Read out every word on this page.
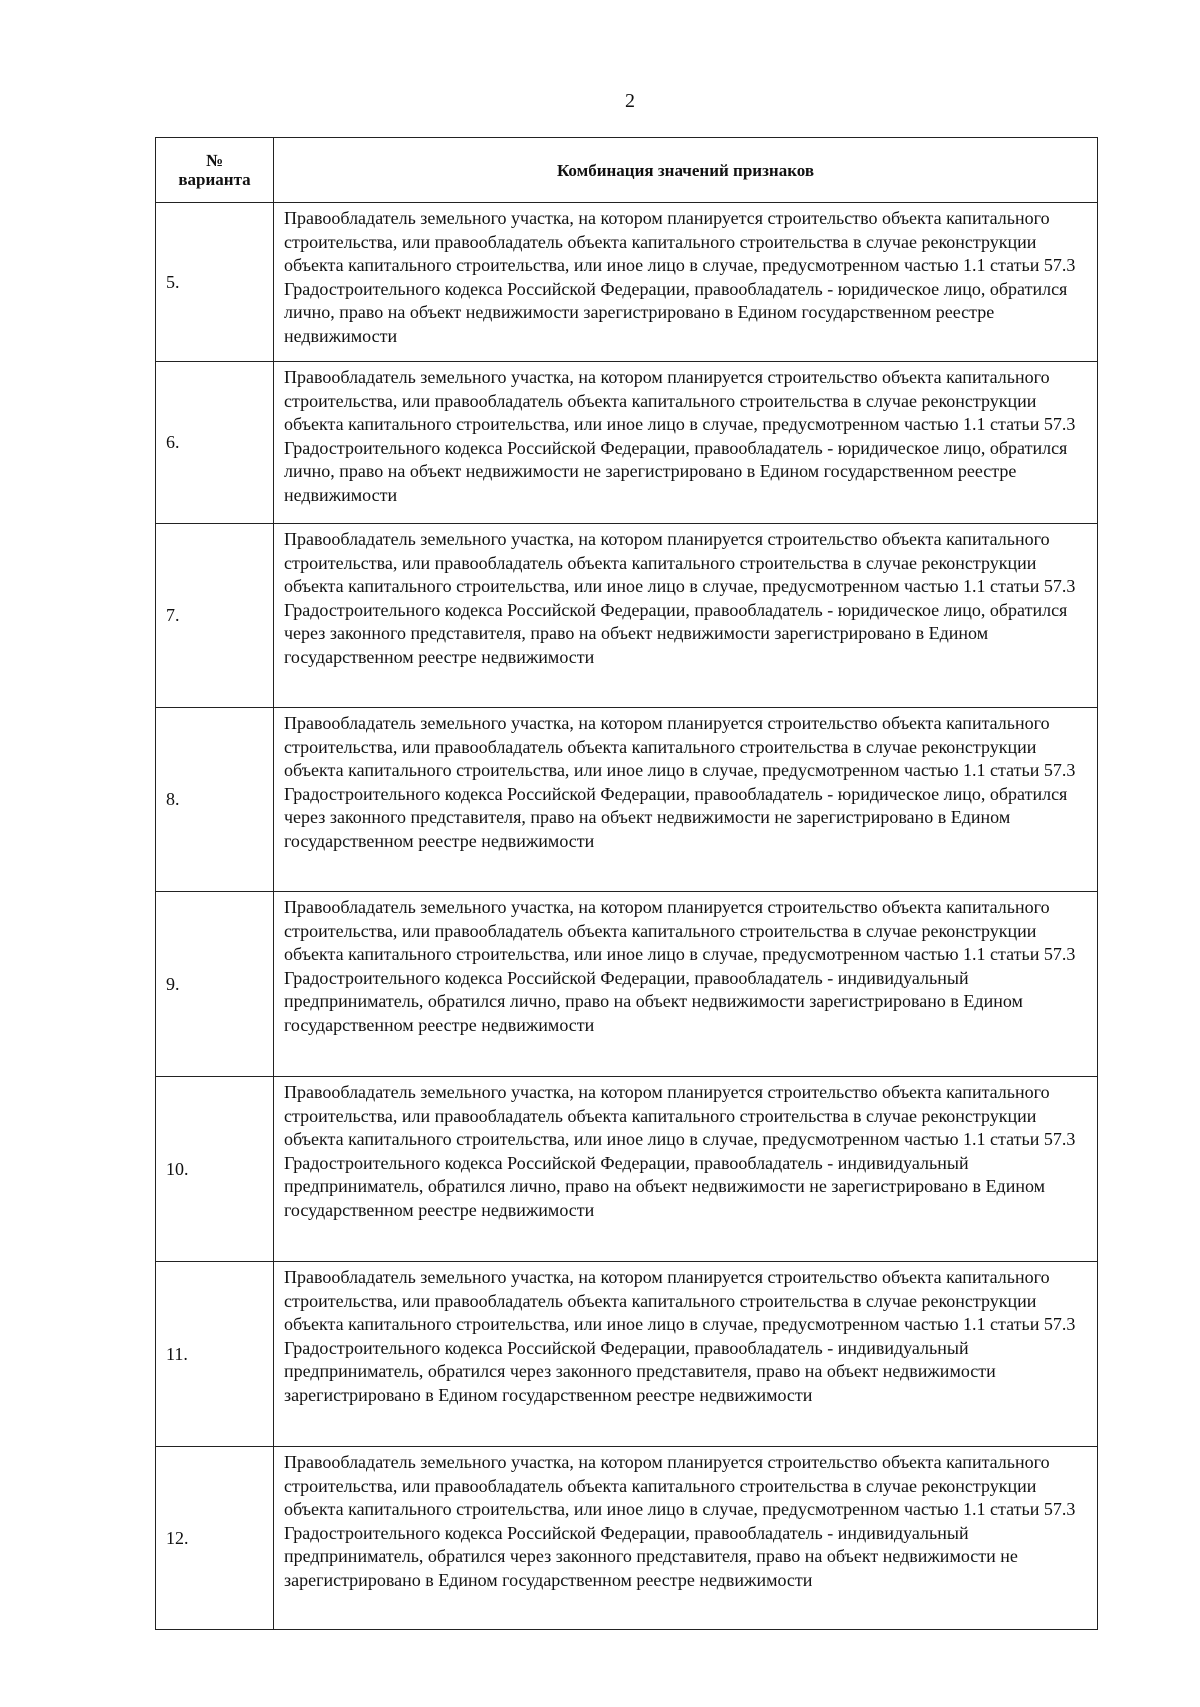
2
№
варианта	Комбинация значений признаков
5.	Правообладатель земельного участка, на котором планируется строительство объекта капитального строительства, или правообладатель объекта капитального строительства в случае реконструкции объекта капитального строительства, или иное лицо в случае, предусмотренном частью 1.1 статьи 57.3 Градостроительного кодекса Российской Федерации, правообладатель - юридическое лицо, обратился лично, право на объект недвижимости зарегистрировано в Едином государственном реестре недвижимости
6.	Правообладатель земельного участка, на котором планируется строительство объекта капитального строительства, или правообладатель объекта капитального строительства в случае реконструкции объекта капитального строительства, или иное лицо в случае, предусмотренном частью 1.1 статьи 57.3 Градостроительного кодекса Российской Федерации, правообладатель - юридическое лицо, обратился лично, право на объект недвижимости не зарегистрировано в Едином государственном реестре недвижимости
7.	Правообладатель земельного участка, на котором планируется строительство объекта капитального строительства, или правообладатель объекта капитального строительства в случае реконструкции объекта капитального строительства, или иное лицо в случае, предусмотренном частью 1.1 статьи 57.3 Градостроительного кодекса Российской Федерации, правообладатель - юридическое лицо, обратился через законного представителя, право на объект недвижимости зарегистрировано в Едином государственном реестре недвижимости
8.	Правообладатель земельного участка, на котором планируется строительство объекта капитального строительства, или правообладатель объекта капитального строительства в случае реконструкции объекта капитального строительства, или иное лицо в случае, предусмотренном частью 1.1 статьи 57.3 Градостроительного кодекса Российской Федерации, правообладатель - юридическое лицо, обратился через законного представителя, право на объект недвижимости не зарегистрировано в Едином государственном реестре недвижимости
9.	Правообладатель земельного участка, на котором планируется строительство объекта капитального строительства, или правообладатель объекта капитального строительства в случае реконструкции объекта капитального строительства, или иное лицо в случае, предусмотренном частью 1.1 статьи 57.3 Градостроительного кодекса Российской Федерации, правообладатель - индивидуальный предприниматель, обратился лично, право на объект недвижимости зарегистрировано в Едином государственном реестре недвижимости
10.	Правообладатель земельного участка, на котором планируется строительство объекта капитального строительства, или правообладатель объекта капитального строительства в случае реконструкции объекта капитального строительства, или иное лицо в случае, предусмотренном частью 1.1 статьи 57.3 Градостроительного кодекса Российской Федерации, правообладатель - индивидуальный предприниматель, обратился лично, право на объект недвижимости не зарегистрировано в Едином государственном реестре недвижимости
11.	Правообладатель земельного участка, на котором планируется строительство объекта капитального строительства, или правообладатель объекта капитального строительства в случае реконструкции объекта капитального строительства, или иное лицо в случае, предусмотренном частью 1.1 статьи 57.3 Градостроительного кодекса Российской Федерации, правообладатель - индивидуальный предприниматель, обратился через законного представителя, право на объект недвижимости зарегистрировано в Едином государственном реестре недвижимости
12.	Правообладатель земельного участка, на котором планируется строительство объекта капитального строительства, или правообладатель объекта капитального строительства в случае реконструкции объекта капитального строительства, или иное лицо в случае, предусмотренном частью 1.1 статьи 57.3 Градостроительного кодекса Российской Федерации, правообладатель - индивидуальный предприниматель, обратился через законного представителя, право на объект недвижимости не зарегистрировано в Едином государственном реестре недвижимости
